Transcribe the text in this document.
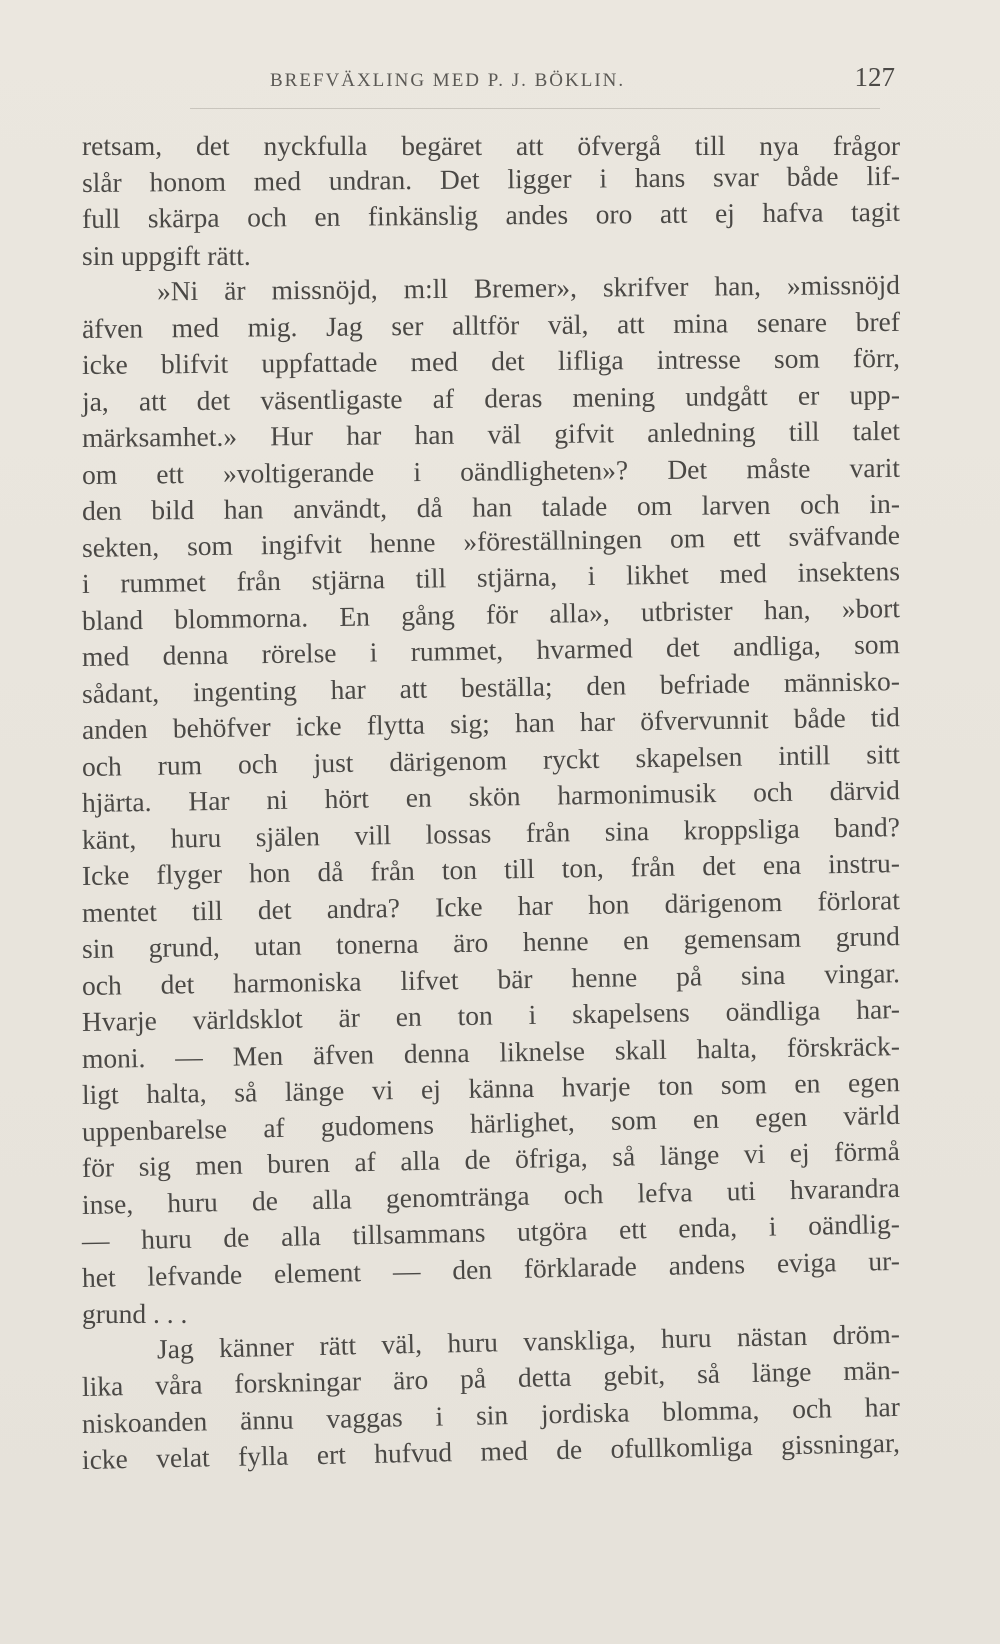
BREFVÄXLING MED P. J. BÖKLIN.	127
retsam, det nyckfulla begäret att öfvergå till nya frågor
slår honom med undran. Det ligger i hans svar både lif-
full skärpa och en finkänslig andes oro att ej hafva tagit
sin uppgift rätt.
»Ni är missnöjd, m:ll Bremer», skrifver han, »missnöjd
äfven med mig. Jag ser alltför väl, att mina senare bref
icke blifvit uppfattade med det lifliga intresse som förr,
ja, att det väsentligaste af deras mening undgått er upp-
märksamhet.» Hur har han väl gifvit anledning till talet
om ett »voltigerande i oändligheten»? Det måste varit
den bild han användt, då han talade om larven och in-
sekten, som ingifvit henne »föreställningen om ett sväfvande
i rummet från stjärna till stjärna, i likhet med insektens
bland blommorna. En gång för alla», utbrister han, »bort
med denna rörelse i rummet, hvarmed det andliga, som
sådant, ingenting har att beställa; den befriade människo-
anden behöfver icke flytta sig; han har öfvervunnit både tid
och rum och just därigenom ryckt skapelsen intill sitt
hjärta. Har ni hört en skön harmonimusik och därvid
känt, huru själen vill lossas från sina kroppsliga band?
Icke flyger hon då från ton till ton, från det ena instru-
mentet till det andra? Icke har hon därigenom förlorat
sin grund, utan tonerna äro henne en gemensam grund
och det harmoniska lifvet bär henne på sina vingar.
Hvarje världsklot är en ton i skapelsens oändliga har-
moni. — Men äfven denna liknelse skall halta, förskräck-
ligt halta, så länge vi ej känna hvarje ton som en egen
uppenbarelse af gudomens härlighet, som en egen värld
för sig men buren af alla de öfriga, så länge vi ej förmå
inse, huru de alla genomtränga och lefva uti hvarandra
— huru de alla tillsammans utgöra ett enda, i oändlig-
het lefvande element — den förklarade andens eviga ur-
grund . . .
Jag känner rätt väl, huru vanskliga, huru nästan dröm-
lika våra forskningar äro på detta gebit, så länge män-
niskoanden ännu vaggas i sin jordiska blomma, och har
icke velat fylla ert hufvud med de ofullkomliga gissningar,
